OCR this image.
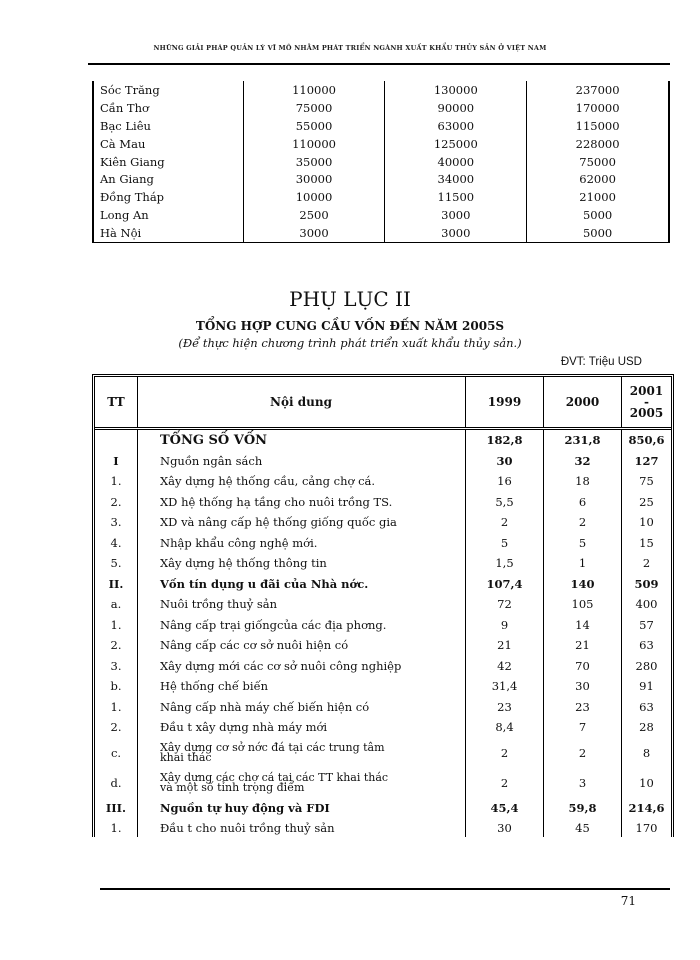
NHỮNG GIẢI PHÁP QUẢN LÝ VĨ MÔ NHẰM PHÁT TRIỂN NGÀNH XUẤT KHẨU THỦY SẢN Ở VIỆT NAM
Sóc Trăng	110000	130000	237000
Cần Thơ	75000	90000	170000
Bạc Liêu	55000	63000	115000
Cà Mau	110000	125000	228000
Kiên Giang	35000	40000	75000
An Giang	30000	34000	62000
Đồng Tháp	10000	11500	21000
Long An	2500	3000	5000
Hà Nội	3000	3000	5000
PHỤ LỤC II
TỔNG HỢP CUNG CẦU VỐN ĐẾN NĂM 2005S
(Để thực hiện chương trình phát triển xuất khẩu thủy sản.)
ĐVT: Triệu USD
TT	Nội dung	1999	2000	2001
-
2005

	TỔNG SỐ VỐN	182,8	231,8	850,6
I	Nguồn ngân sách	30	32	127
1.	Xây dựng hệ thống cầu, cảng chợ cá.	16	18	75
2.	XD hệ thống hạ tầng cho nuôi trồng TS.	5,5	6	25
3.	XD và nâng cấp hệ thống giống quốc gia	2	2	10
4.	Nhập khẩu công nghệ mới.	5	5	15
5.	Xây dựng hệ thống thông tin	1,5	1	2
II.	Vốn tín dụng u đãi của Nhà nớc.	107,4	140	509
a.	Nuôi trồng thuỷ sản	72	105	400
1.	Nâng cấp trại giốngcủa các địa phơng.	9	14	57
2.	Nâng cấp các cơ sở nuôi hiện có	21	21	63
3.	Xây dựng mới các cơ sở nuôi công nghiệp	42	70	280
b.	Hệ thống chế biến	31,4	30	91
1.	Nâng cấp nhà máy chế biến hiện có	23	23	63
2.	Đầu t xây dựng nhà máy mới	8,4	7	28
c.	Xây dựng cơ sở nớc đá tại các trung tâm
khai thác	2	2	8
d.	Xây dựng các chợ cá tại các TT khai thác
và một số tỉnh trọng điểm	2	3	10
III.	Nguồn tự huy động và FDI	45,4	59,8	214,6
1.	Đầu t cho nuôi trồng thuỷ sản	30	45	170
71
